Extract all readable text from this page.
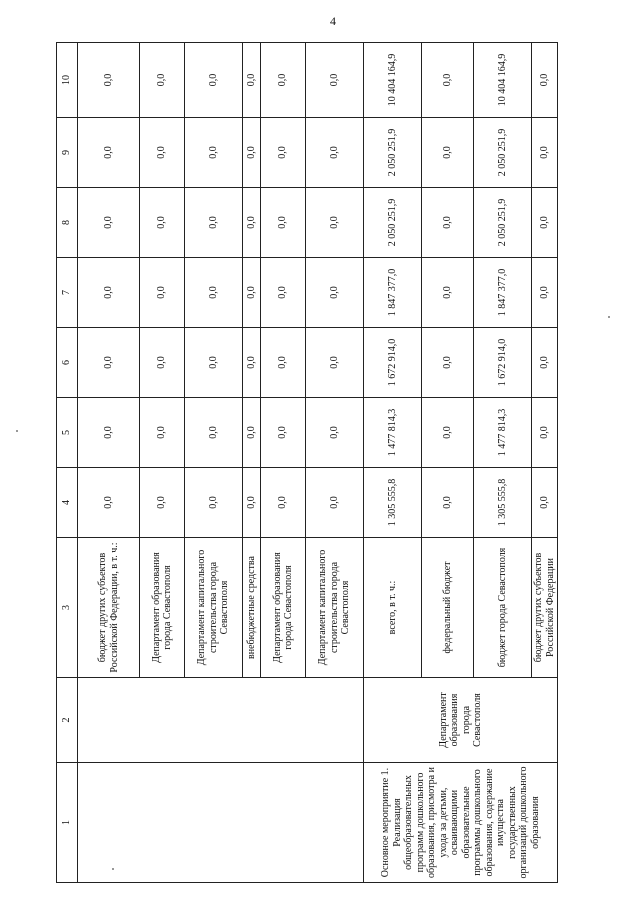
4
1	2	3	4	5	6	7	8	9	10
		бюджет других субъектов Российской Федерации, в т. ч.:	0,0	0,0	0,0	0,0	0,0	0,0	0,0
		Департамент образования города Севастополя	0,0	0,0	0,0	0,0	0,0	0,0	0,0
		Департамент капитального строительства города Севастополя	0,0	0,0	0,0	0,0	0,0	0,0	0,0
		внебюджетные средства	0,0	0,0	0,0	0,0	0,0	0,0	0,0
		Департамент образования города Севастополя	0,0	0,0	0,0	0,0	0,0	0,0	0,0
		Департамент капитального строительства города Севастополя	0,0	0,0	0,0	0,0	0,0	0,0	0,0
Основное мероприятие 1. Реализация общеобразовательных программ дошкольного образования, присмотра и ухода за детьми, осваивающими образовательные программы дошкольного образования, содержание имущества государственных организаций дошкольного образования	Департамент образования города Севастополя	всего, в т. ч.:	1 305 555,8	1 477 814,3	1 672 914,0	1 847 377,0	2 050 251,9	2 050 251,9	10 404 164,9
		федеральный бюджет	0,0	0,0	0,0	0,0	0,0	0,0	0,0
		бюджет города Севастополя	1 305 555,8	1 477 814,3	1 672 914,0	1 847 377,0	2 050 251,9	2 050 251,9	10 404 164,9
		бюджет других субъектов Российской Федерации	0,0	0,0	0,0	0,0	0,0	0,0	0,0
